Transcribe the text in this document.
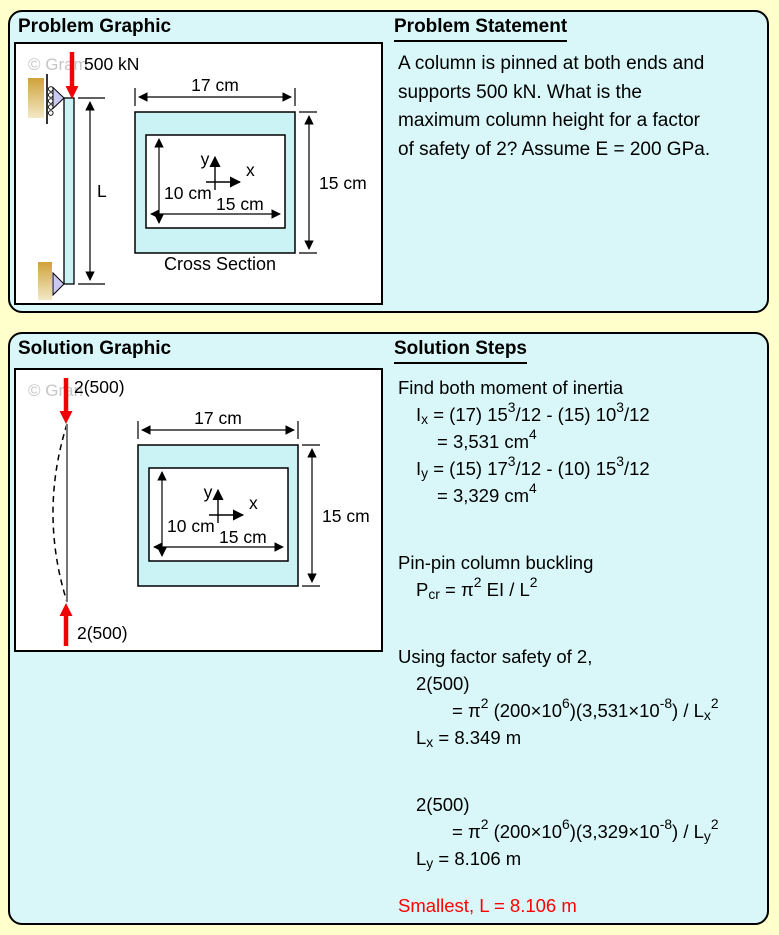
Problem Graphic
© Gram
500 kN
L
17 cm
15 cm
10 cm
15 cm
y
x
Cross Section
Problem Statement
A column is pinned at both ends and
supports 500 kN. What is the
maximum column height for a factor
of safety of 2? Assume E = 200 GPa.
Solution Graphic
© Gran
2(500)
2(500)
17 cm
15 cm
10 cm
15 cm
y
x
Solution Steps
Find both moment of inertia
$I_x = (17)$ $15^3/12 - (15)$ $10^3/12$
= 3,531 $cm^4$
$I_y = (15)$ $17^3/12 - (10)$ $15^3/12$
= 3,329 $cm^4$
Pin-pin column buckling
$P_{cr} = \pi^2$ EI / $L^2$
Using factor safety of 2,
2(500)
= $\pi^2$ $(200\times 10^6)(3,531\times 10^{-8}) / L_x^2$
$L_x = 8.349$ m
2(500)
= $\pi^2$ $(200\times 10^6)(3,329\times 10^{-8}) / L_y^2$
$L_y = 8.106$ m
Smallest, L = 8.106 m
